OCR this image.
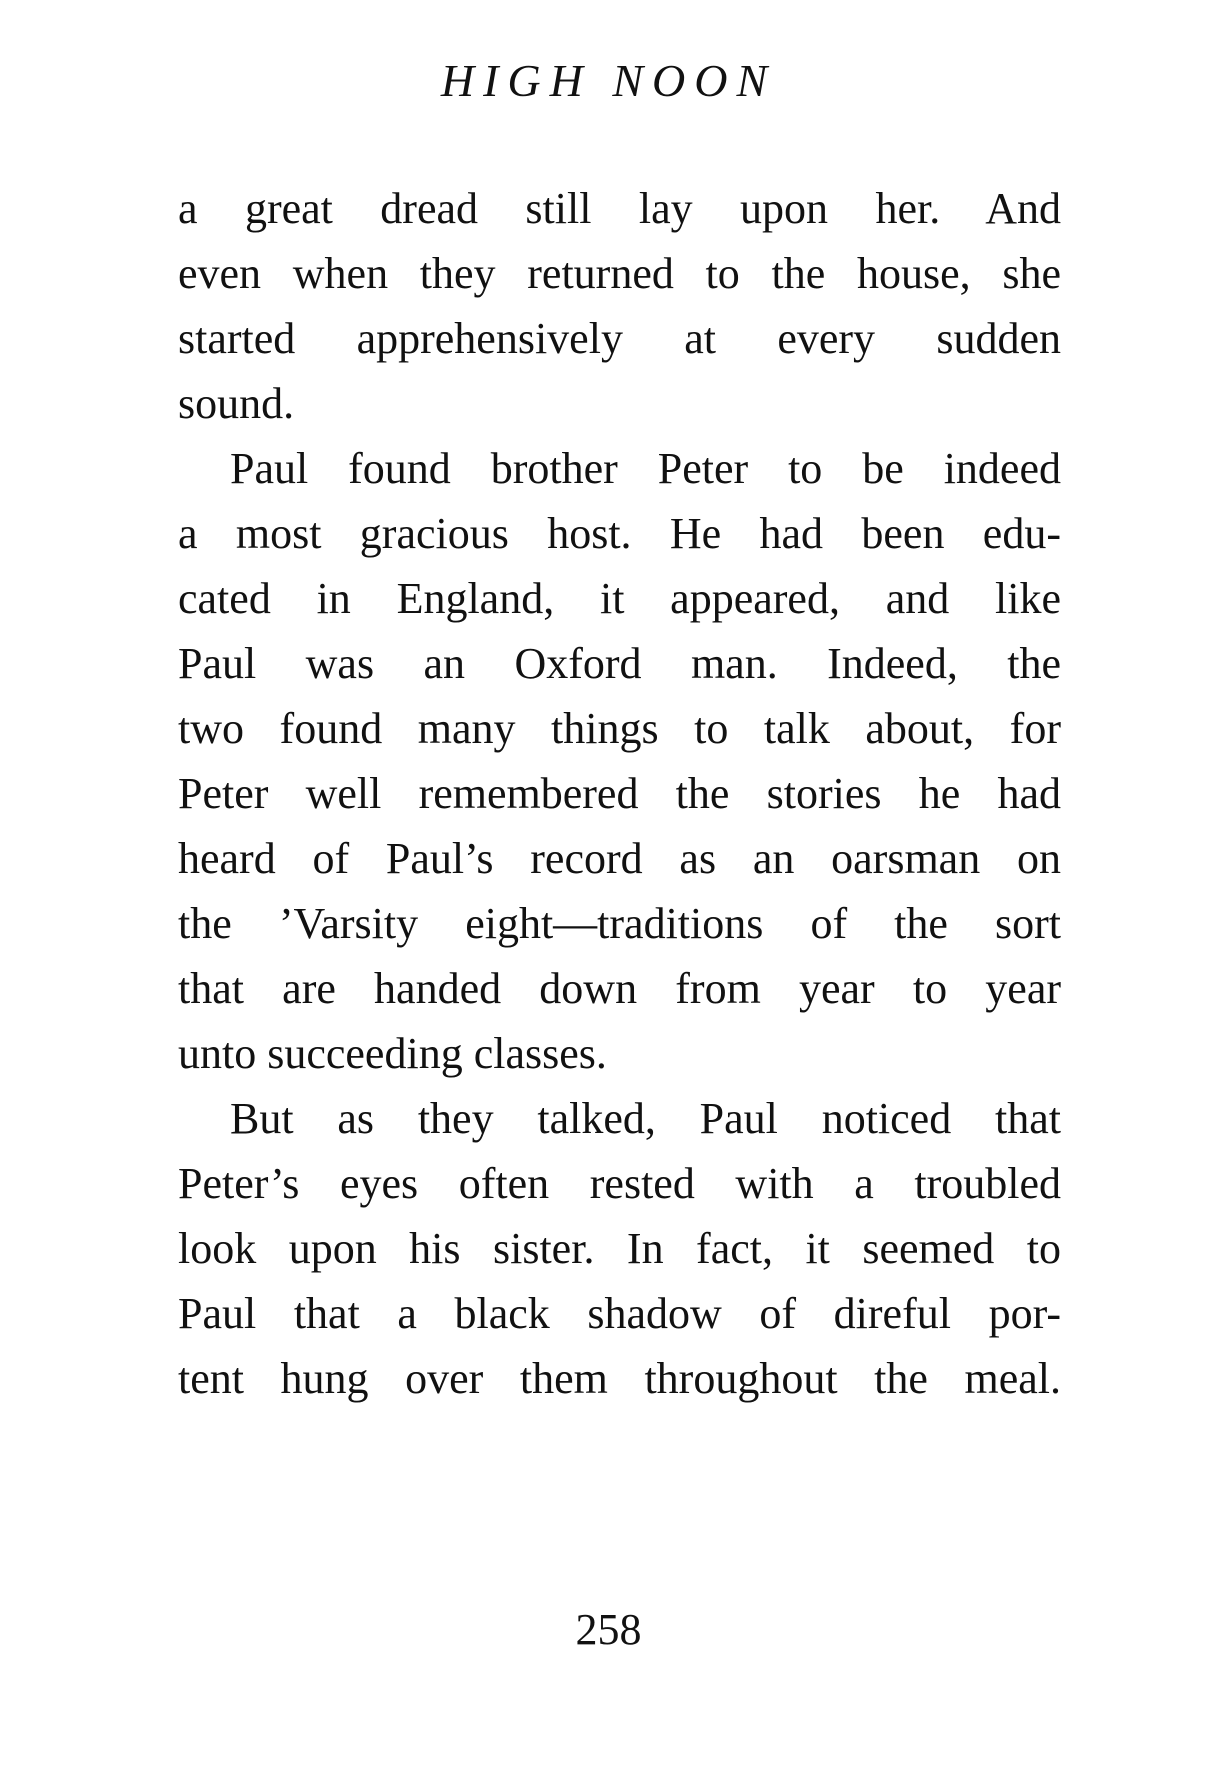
HIGH NOON
a great dread still lay upon her. And
even when they returned to the house, she
started apprehensively at every sudden
sound.
Paul found brother Peter to be indeed
a most gracious host. He had been edu-
cated in England, it appeared, and like
Paul was an Oxford man. Indeed, the
two found many things to talk about, for
Peter well remembered the stories he had
heard of Paul’s record as an oarsman on
the ’Varsity eight—traditions of the sort
that are handed down from year to year
unto succeeding classes.
But as they talked, Paul noticed that
Peter’s eyes often rested with a troubled
look upon his sister. In fact, it seemed to
Paul that a black shadow of direful por-
tent hung over them throughout the meal.
258
